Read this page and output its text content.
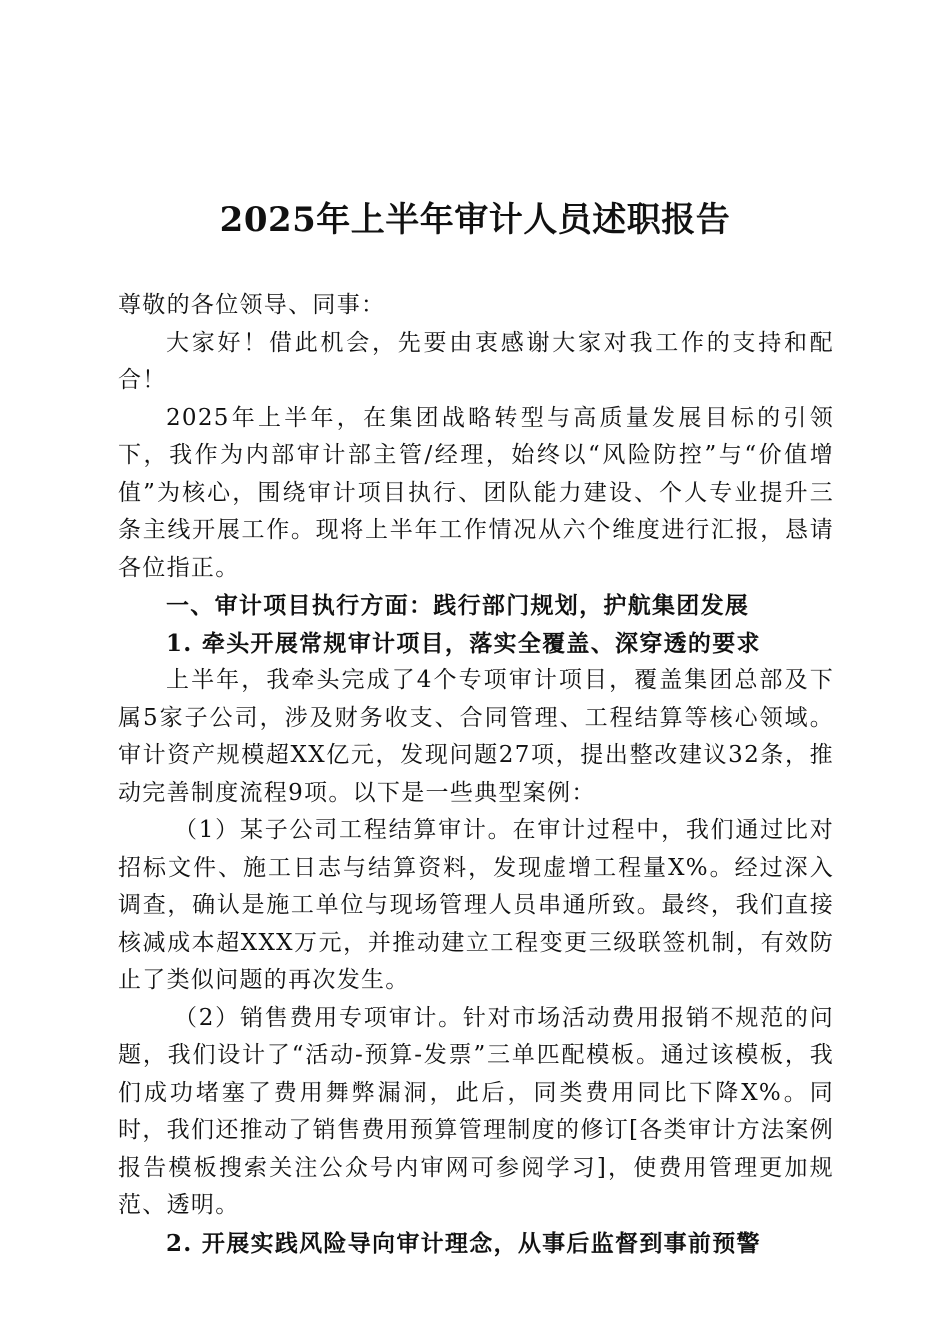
2025年上半年审计人员述职报告

尊敬的各位领导、同事：

大家好！借此机会，先要由衷感谢大家对我工作的支持和配合！

2025年上半年，在集团战略转型与高质量发展目标的引领下，我作为内部审计部主管/经理，始终以“风险防控”与“价值增值”为核心，围绕审计项目执行、团队能力建设、个人专业提升三条主线开展工作。现将上半年工作情况从六个维度进行汇报，恳请各位指正。

一、审计项目执行方面：践行部门规划，护航集团发展

1. 牵头开展常规审计项目，落实全覆盖、深穿透的要求

上半年，我牵头完成了4个专项审计项目，覆盖集团总部及下属5家子公司，涉及财务收支、合同管理、工程结算等核心领域。审计资产规模超XX亿元，发现问题27项，提出整改建议32条，推动完善制度流程9项。以下是一些典型案例：

（1）某子公司工程结算审计。在审计过程中，我们通过比对招标文件、施工日志与结算资料，发现虚增工程量X%。经过深入调查，确认是施工单位与现场管理人员串通所致。最终，我们直接核减成本超XXX万元，并推动建立工程变更三级联签机制，有效防止了类似问题的再次发生。

（2）销售费用专项审计。针对市场活动费用报销不规范的问题，我们设计了“活动-预算-发票”三单匹配模板。通过该模板，我们成功堵塞了费用舞弊漏洞，此后，同类费用同比下降X%。同时，我们还推动了销售费用预算管理制度的修订[各类审计方法案例报告模板搜索关注公众号内审网可参阅学习]，使费用管理更加规范、透明。

2. 开展实践风险导向审计理念，从事后监督到事前预警
